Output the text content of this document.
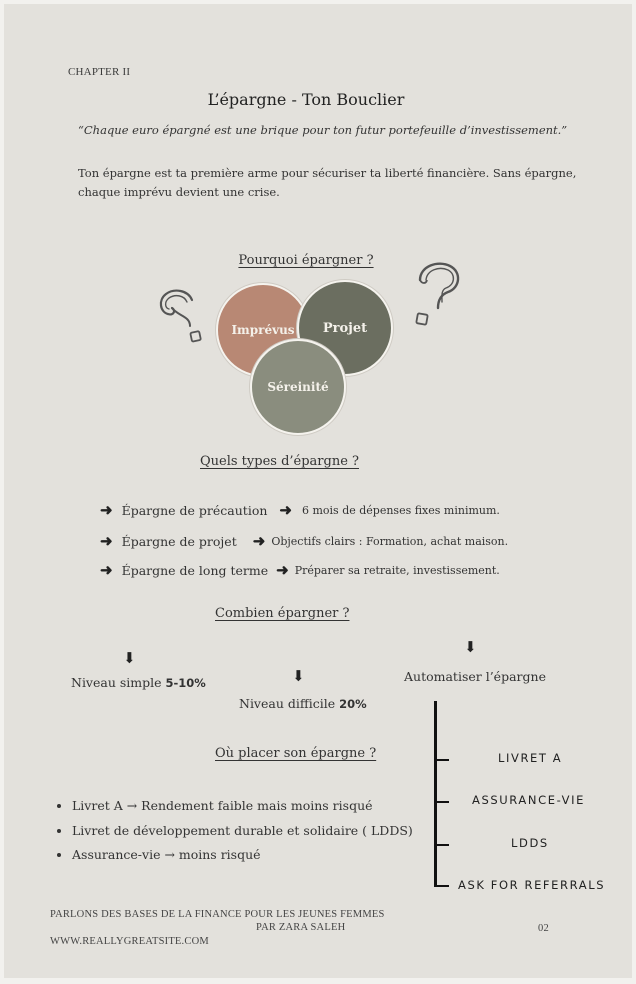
CHAPTER II
L’épargne - Ton Bouclier
“Chaque euro épargné est une brique pour ton futur portefeuille d’investissement.”
Ton épargne est ta première arme pour sécuriser ta liberté financière. Sans épargne, chaque imprévu devient une crise.
Pourquoi épargner ?
Imprévus Projet
Séreinité
Quels types d’épargne ?
➜ Épargne de précaution ➜ 6 mois de dépenses fixes minimum.
➜ Épargne de projet ➜ Objectifs clairs : Formation, achat maison.
➜ Épargne de long terme ➜ Préparer sa retraite, investissement.
Combien épargner ?
⬇
Niveau simple 5-10%	⬇
Niveau difficile 20%
⬇
Automatiser l’épargne
Où placer son épargne ?
• Livret A → Rendement faible mais moins risqué
• Livret de développement durable et solidaire ( LDDS)
• Assurance-vie → moins risqué
LIVRET A
ASSURANCE-VIE
LDDS
ASK FOR REFERRALS
PARLONS DES BASES DE LA FINANCE POUR LES JEUNES FEMMES
PAR ZARA SALEH
WWW.REALLYGREATSITE.COM
02
